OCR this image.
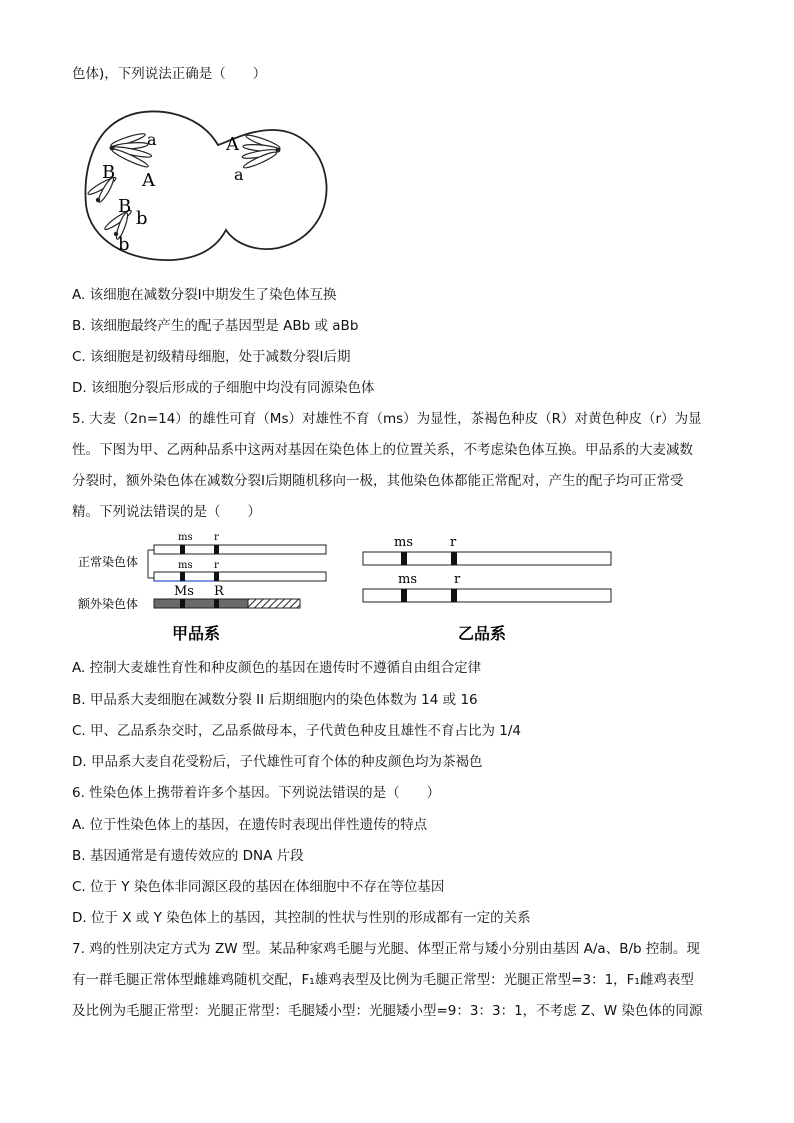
色体)，下列说法正确是（　　）
a
A
B
B
b
b
A
a
A. 该细胞在减数分裂Ⅰ中期发生了染色体互换
B. 该细胞最终产生的配子基因型是 ABb 或 aBb
C. 该细胞是初级精母细胞，处于减数分裂Ⅰ后期
D. 该细胞分裂后形成的子细胞中均没有同源染色体
5. 大麦（2n=14）的雄性可育（Ms）对雄性不育（ms）为显性，茶褐色种皮（R）对黄色种皮（r）为显
性。下图为甲、乙两种品系中这两对基因在染色体上的位置关系，不考虑染色体互换。甲品系的大麦减数
分裂时，额外染色体在减数分裂Ⅰ后期随机移向一极，其他染色体都能正常配对，产生的配子均可正常受
精。下列说法错误的是（　　）
正常染色体
额外染色体
ms r
ms r
Ms R
ms	r
ms	r
甲品系	乙品系
A. 控制大麦雄性育性和种皮颜色的基因在遗传时不遵循自由组合定律
B. 甲品系大麦细胞在减数分裂 II 后期细胞内的染色体数为 14 或 16
C. 甲、乙品系杂交时，乙品系做母本，子代黄色种皮且雄性不育占比为 1/4
D. 甲品系大麦自花受粉后，子代雄性可育个体的种皮颜色均为茶褐色
6. 性染色体上携带着许多个基因。下列说法错误的是（　　）
A. 位于性染色体上的基因，在遗传时表现出伴性遗传的特点
B. 基因通常是有遗传效应的 DNA 片段
C. 位于 Y 染色体非同源区段的基因在体细胞中不存在等位基因
D. 位于 X 或 Y 染色体上的基因，其控制的性状与性别的形成都有一定的关系
7. 鸡的性别决定方式为 ZW 型。某品种家鸡毛腿与光腿、体型正常与矮小分别由基因 A/a、B/b 控制。现
有一群毛腿正常体型雌雄鸡随机交配，F₁雄鸡表型及比例为毛腿正常型：光腿正常型=3：1，F₁雌鸡表型
及比例为毛腿正常型：光腿正常型：毛腿矮小型：光腿矮小型=9：3：3：1，不考虑 Z、W 染色体的同源
